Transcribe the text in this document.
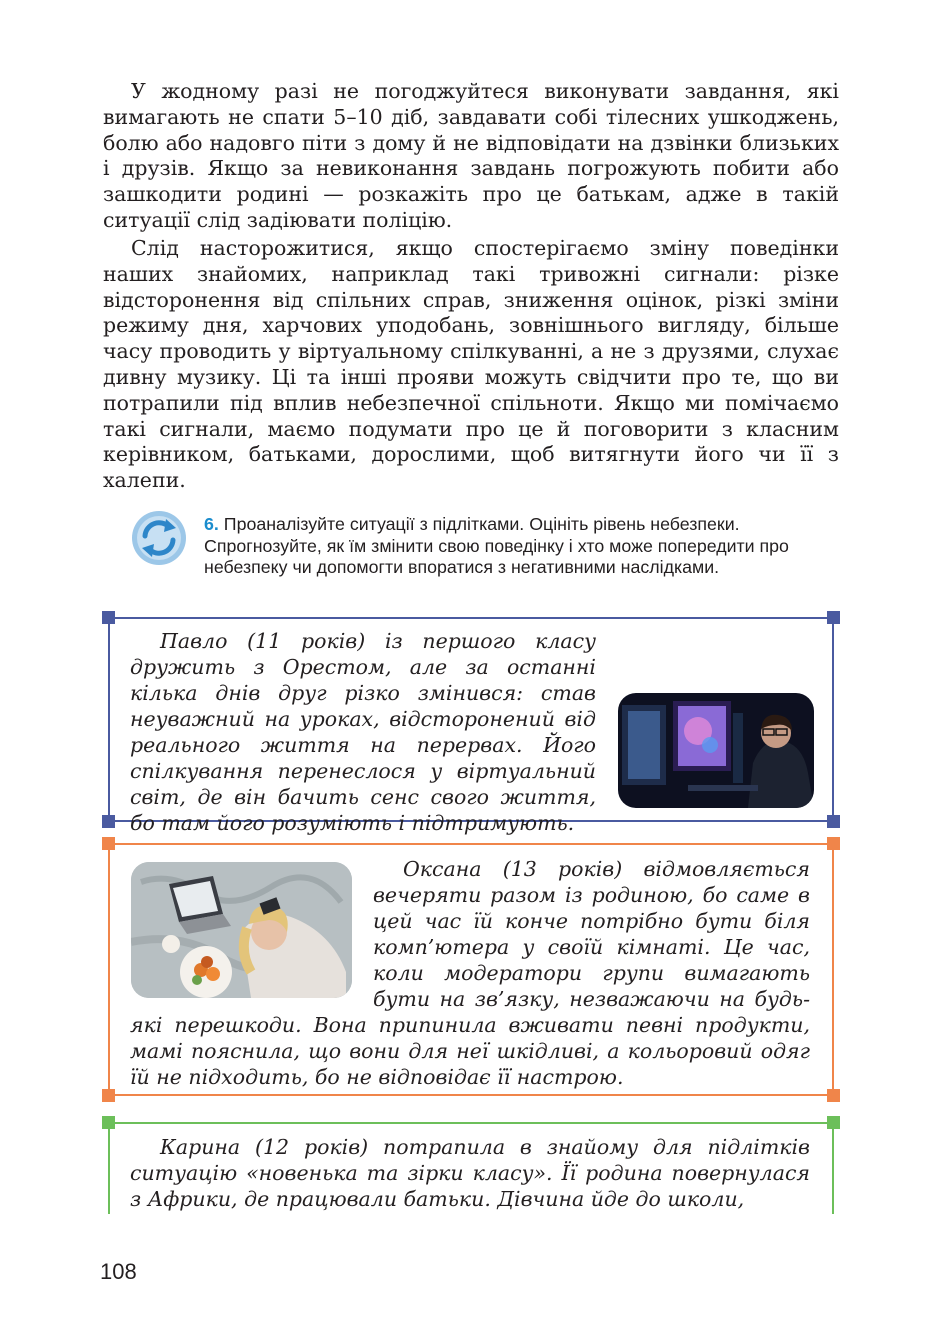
У жодному разі не погоджуйтеся виконувати завдання, які вимагають не спати 5–10 діб, завдавати собі тілесних ушкоджень, болю або надовго піти з дому й не відповідати на дзвінки близьких і друзів. Якщо за невиконання завдань погрожують побити або зашкодити родині — розкажіть про це батькам, адже в такій ситуації слід задіювати поліцію.

Слід насторожитися, якщо спостерігаємо зміну поведінки наших знайомих, наприклад такі тривожні сигнали: різке відсторонення від спільних справ, зниження оцінок, різкі зміни режиму дня, харчових уподобань, зовнішнього вигляду, більше часу проводить у віртуальному спілкуванні, а не з друзями, слухає дивну музику. Ці та інші прояви можуть свідчити про те, що ви потрапили під вплив небезпечної спільноти. Якщо ми помічаємо такі сигнали, маємо подумати про це й поговорити з класним керівником, батьками, дорослими, щоб витягнути його чи її з халепи.

6. Проаналізуйте ситуації з підлітками. Оцініть рівень небезпеки. Спрогнозуйте, як їм змінити свою поведінку і хто може попередити про небезпеку чи допомогти впоратися з негативними наслідками.

Павло (11 років) із першого класу дружить з Орестом, але за останні кілька днів друг різко змінився: став неуважний на уроках, відсторонений від реального життя на перервах. Його спілкування перенеслося у віртуальний світ, де він бачить сенс свого життя, бо там його розуміють і підтримують.

Оксана (13 років) відмовляється вечеряти разом із родиною, бо саме в цей час їй конче потрібно бути біля комп’ютера у своїй кімнаті. Це час, коли модератори групи вимагають бути на зв’язку, незважаючи на будь-які перешкоди. Вона припинила вживати певні продукти, мамі пояснила, що вони для неї шкідливі, а кольоровий одяг їй не підходить, бо не відповідає її настрою.

Карина (12 років) потрапила в знайому для підлітків ситуацію «новенька та зірки класу». Її родина повернулася з Африки, де працювали батьки. Дівчина йде до школи,

108
